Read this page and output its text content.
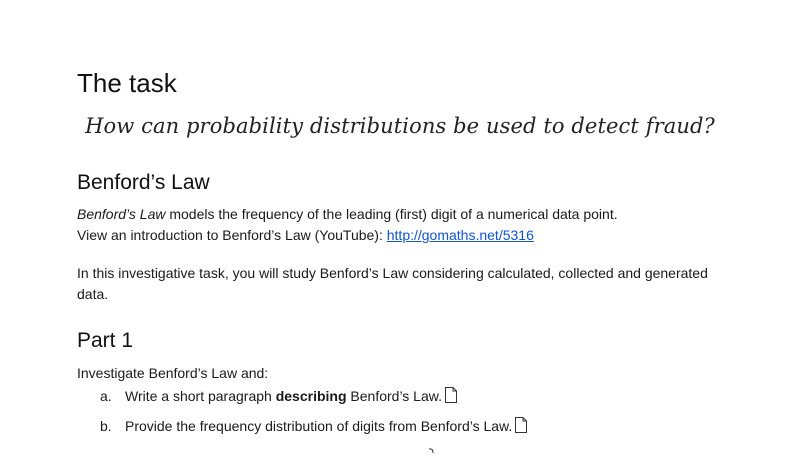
The task

How can probability distributions be used to detect fraud?

Benford’s Law

Benford’s Law models the frequency of the leading (first) digit of a numerical data point.
View an introduction to Benford’s Law (YouTube): http://gomaths.net/5316

In this investigative task, you will study Benford’s Law considering calculated, collected and generated data.

Part 1

Investigate Benford’s Law and:

a. Write a short paragraph describing Benford’s Law.
b. Provide the frequency distribution of digits from Benford’s Law.
